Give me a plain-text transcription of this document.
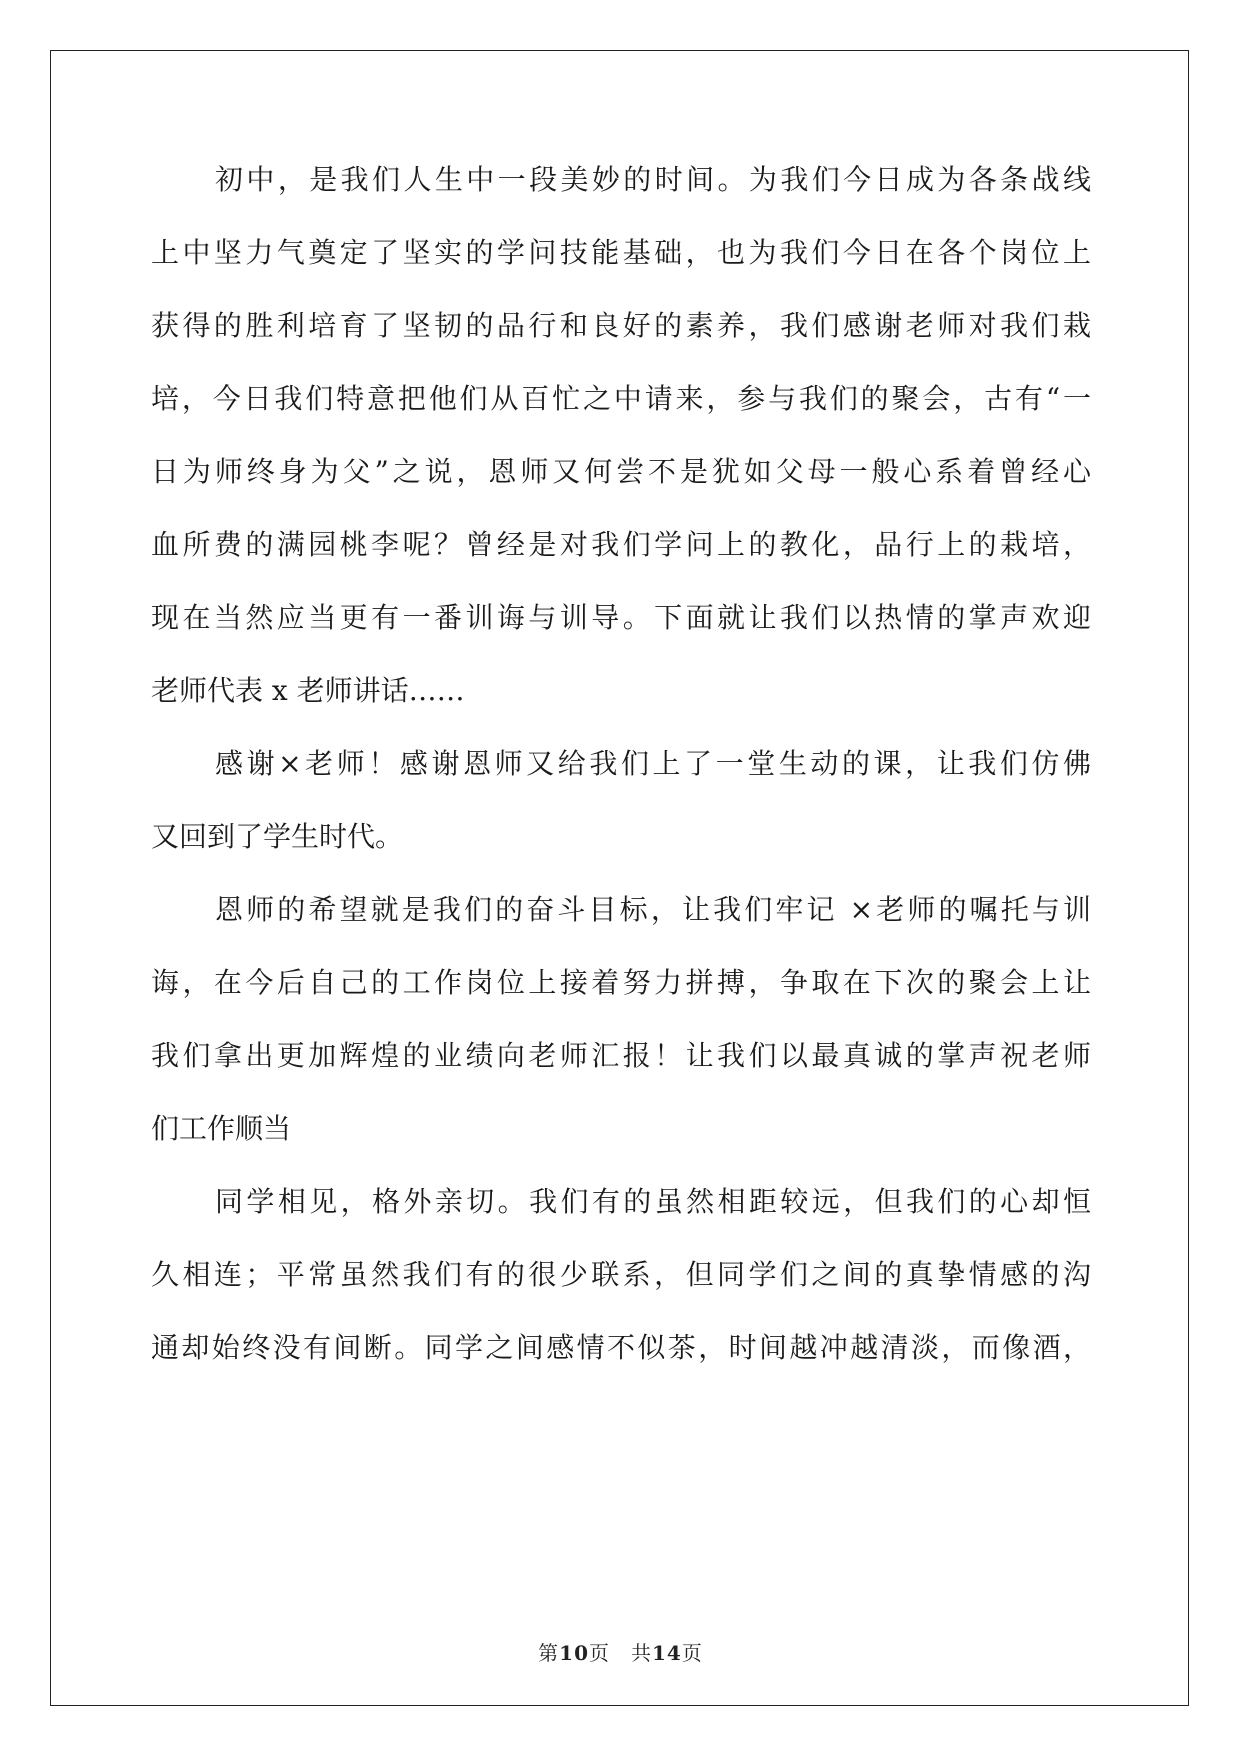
初中，是我们人生中一段美妙的时间。为我们今日成为各条战线
上中坚力气奠定了坚实的学问技能基础，也为我们今日在各个岗位上
获得的胜利培育了坚韧的品行和良好的素养，我们感谢老师对我们栽
培，今日我们特意把他们从百忙之中请来，参与我们的聚会，古有“一
日为师终身为父”之说，恩师又何尝不是犹如父母一般心系着曾经心
血所费的满园桃李呢？曾经是对我们学问上的教化，品行上的栽培，
现在当然应当更有一番训诲与训导。下面就让我们以热情的掌声欢迎
老师代表 x 老师讲话……
感谢×老师！感谢恩师又给我们上了一堂生动的课，让我们仿佛
又回到了学生时代。
恩师的希望就是我们的奋斗目标，让我们牢记 ×老师的嘱托与训
诲，在今后自己的工作岗位上接着努力拼搏，争取在下次的聚会上让
我们拿出更加辉煌的业绩向老师汇报！让我们以最真诚的掌声祝老师
们工作顺当
同学相见，格外亲切。我们有的虽然相距较远，但我们的心却恒
久相连；平常虽然我们有的很少联系，但同学们之间的真挚情感的沟
通却始终没有间断。同学之间感情不似茶，时间越冲越清淡，而像酒，
第10页　共14页
